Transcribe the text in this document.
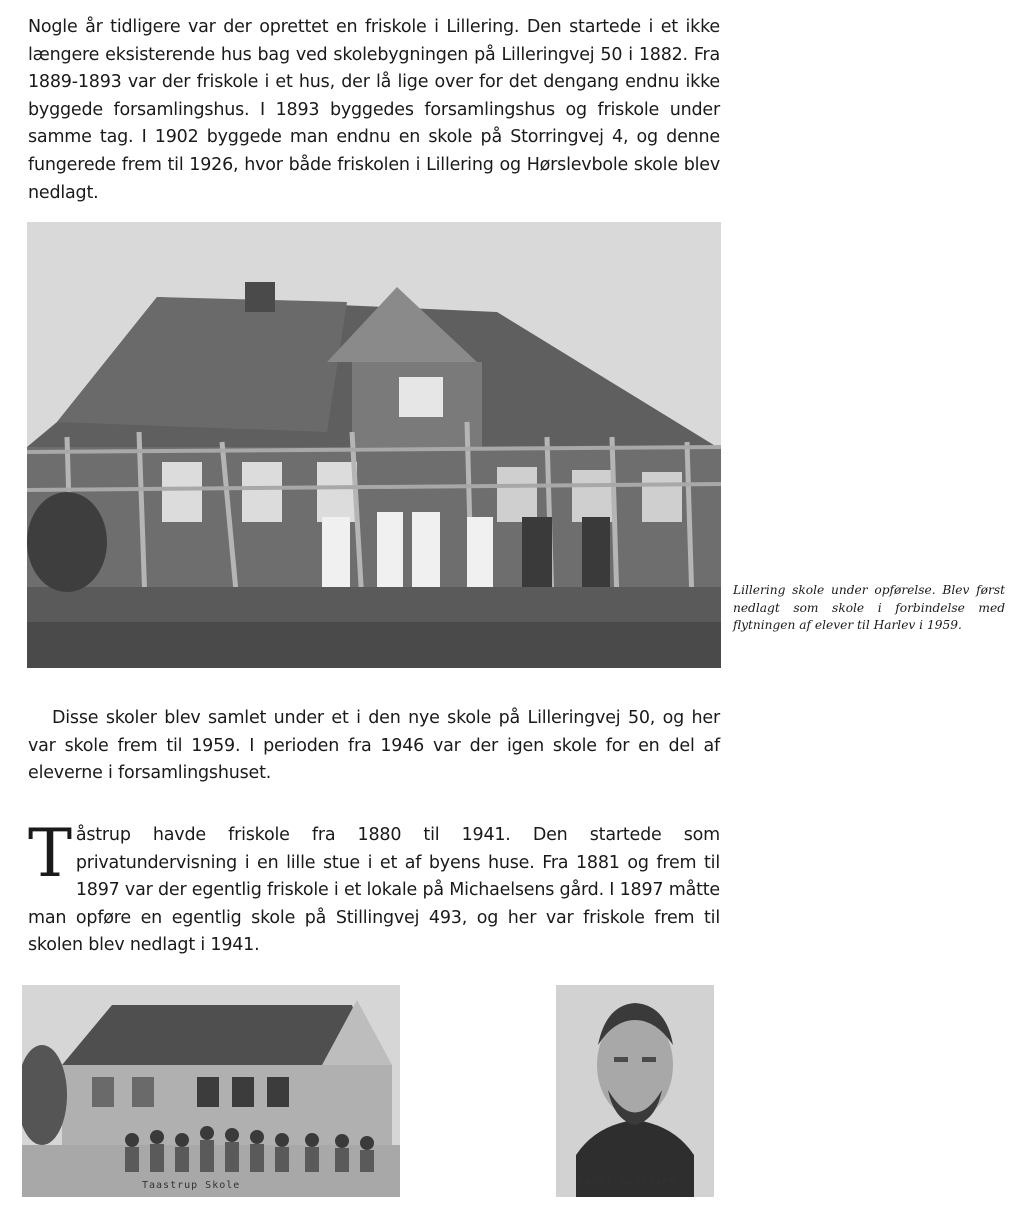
Nogle år tidligere var der oprettet en friskole i Lillering. Den startede i et ikke længere eksisterende hus bag ved skolebygningen på Lilleringvej 50 i 1882. Fra 1889-1893 var der friskole i et hus, der lå lige over for det dengang endnu ikke byggede forsamlingshus. I 1893 byggedes forsamlingshus og friskole under samme tag. I 1902 byggede man endnu en skole på Storringvej 4, og denne fungerede frem til 1926, hvor både friskolen i Lillering og Hørslevbole skole blev nedlagt.

Lillering skole under opførelse. Blev først nedlagt som skole i forbindelse med flytningen af elever til Harlev i 1959.

Disse skoler blev samlet under et i den nye skole på Lilleringvej 50, og her var skole frem til 1959. I perioden fra 1946 var der igen skole for en del af eleverne i forsamlingshuset.

Tåstrup havde friskole fra 1880 til 1941. Den startede som privatundervisning i en lille stue i et af byens huse. Fra 1881 og frem til 1897 var der egentlig friskole i et lokale på Michaelsens gård. I 1897 måtte man opføre en egentlig skole på Stillingvej 493, og her var friskole frem til skolen blev nedlagt i 1941.

Taastrup Skole	Lærer Andersen
